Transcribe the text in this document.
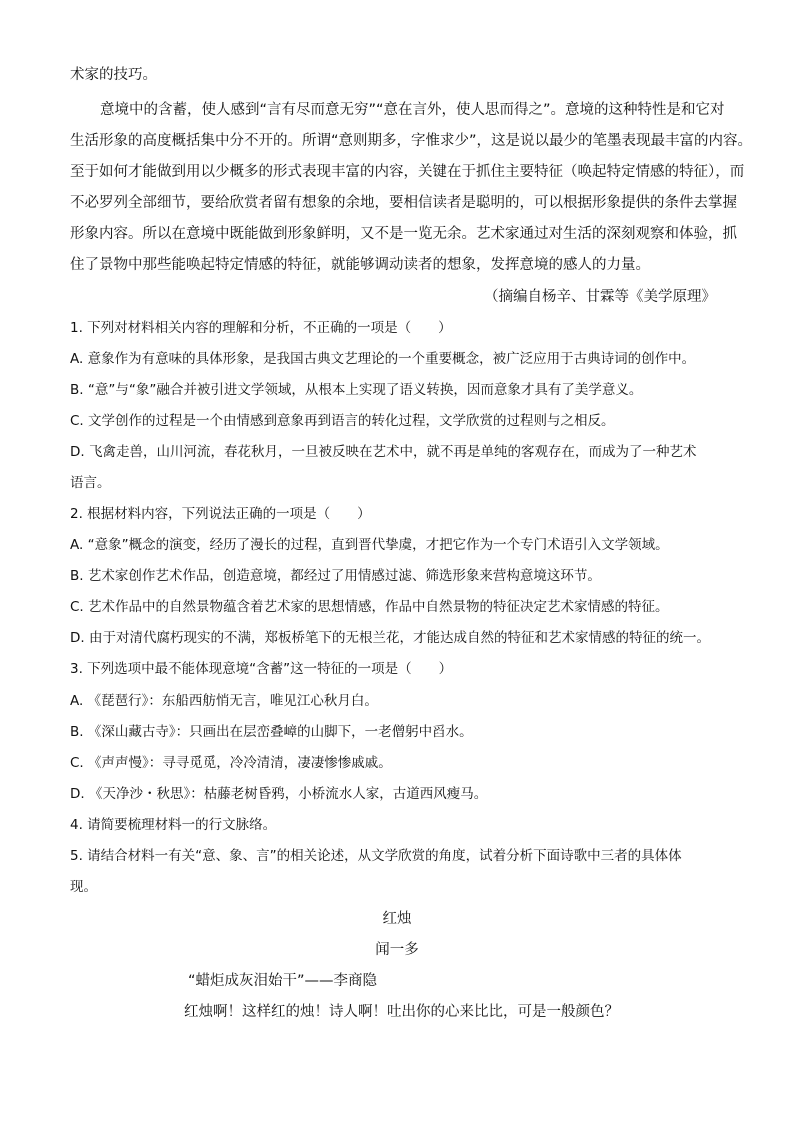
术家的技巧。
意境中的含蓄，使人感到“言有尽而意无穷”“意在言外，使人思而得之”。意境的这种特性是和它对
生活形象的高度概括集中分不开的。所谓“意则期多，字惟求少”，这是说以最少的笔墨表现最丰富的内容。
至于如何才能做到用以少概多的形式表现丰富的内容，关键在于抓住主要特征（唤起特定情感的特征），而
不必罗列全部细节，要给欣赏者留有想象的余地，要相信读者是聪明的，可以根据形象提供的条件去掌握
形象内容。所以在意境中既能做到形象鲜明，又不是一览无余。艺术家通过对生活的深刻观察和体验，抓
住了景物中那些能唤起特定情感的特征，就能够调动读者的想象，发挥意境的感人的力量。
（摘编自杨辛、甘霖等《美学原理》
1. 下列对材料相关内容的理解和分析，不正确的一项是（　　）
A. 意象作为有意味的具体形象，是我国古典文艺理论的一个重要概念，被广泛应用于古典诗词的创作中。
B. “意”与“象”融合并被引进文学领域，从根本上实现了语义转换，因而意象才具有了美学意义。
C. 文学创作的过程是一个由情感到意象再到语言的转化过程，文学欣赏的过程则与之相反。
D. 飞禽走兽，山川河流，春花秋月，一旦被反映在艺术中，就不再是单纯的客观存在，而成为了一种艺术
语言。
2. 根据材料内容，下列说法正确的一项是（　　）
A. “意象”概念的演变，经历了漫长的过程，直到晋代挚虞，才把它作为一个专门术语引入文学领域。
B. 艺术家创作艺术作品，创造意境，都经过了用情感过滤、筛选形象来营构意境这环节。
C. 艺术作品中的自然景物蕴含着艺术家的思想情感，作品中自然景物的特征决定艺术家情感的特征。
D. 由于对清代腐朽现实的不满，郑板桥笔下的无根兰花，才能达成自然的特征和艺术家情感的特征的统一。
3. 下列选项中最不能体现意境“含蓄”这一特征的一项是（　　）
A. 《琵琶行》：东船西舫悄无言，唯见江心秋月白。
B. 《深山藏古寺》：只画出在层峦叠嶂的山脚下，一老僧躬中舀水。
C. 《声声慢》：寻寻觅觅，冷冷清清，凄凄惨惨戚戚。
D. 《天净沙・秋思》：枯藤老树昏鸦，小桥流水人家，古道西风瘦马。
4. 请简要梳理材料一的行文脉络。
5. 请结合材料一有关“意、象、言”的相关论述，从文学欣赏的角度，试着分析下面诗歌中三者的具体体
现。
红烛
闻一多
“蜡炬成灰泪始干”——李商隐
红烛啊！这样红的烛！诗人啊！吐出你的心来比比，可是一般颜色？
